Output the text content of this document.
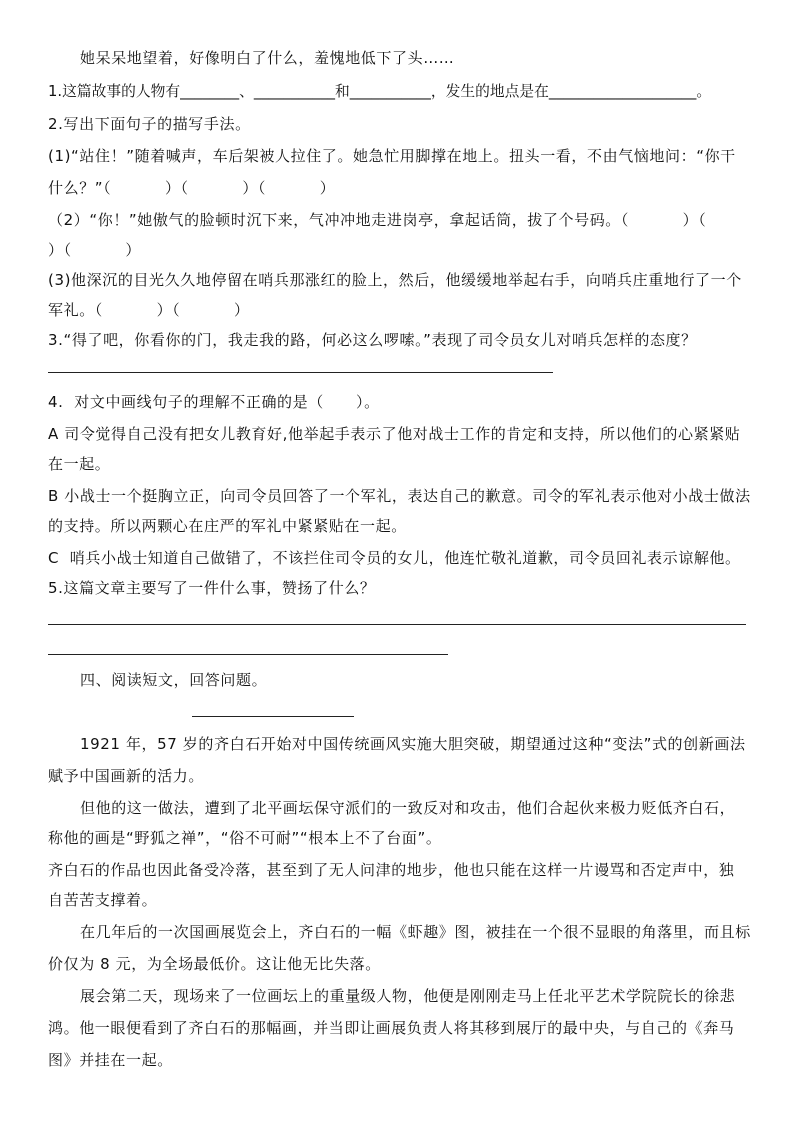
她呆呆地望着，好像明白了什么，羞愧地低下了头……
1.这篇故事的人物有________、___________和___________，发生的地点是在____________________。
2.写出下面句子的描写手法。
(1)“站住！”随着喊声，车后架被人拉住了。她急忙用脚撑在地上。扭头一看，不由气恼地问：“你干
什么？”（          ）（          ）（          ）
（2）“你！”她傲气的脸顿时沉下来，气冲冲地走进岗亭，拿起话筒，拔了个号码。（          ）（
）（          ）
(3)他深沉的目光久久地停留在哨兵那涨红的脸上，然后，他缓缓地举起右手，向哨兵庄重地行了一个
军礼。（          ）（          ）
3.“得了吧，你看你的门，我走我的路，何必这么啰嗦。”表现了司令员女儿对哨兵怎样的态度？
4.  对文中画线句子的理解不正确的是（      ）。
A 司令觉得自己没有把女儿教育好,他举起手表示了他对战士工作的肯定和支持，所以他们的心紧紧贴
在一起。
B 小战士一个挺胸立正，向司令员回答了一个军礼，表达自己的歉意。司令的军礼表示他对小战士做法
的支持。所以两颗心在庄严的军礼中紧紧贴在一起。
C  哨兵小战士知道自己做错了，不该拦住司令员的女儿，他连忙敬礼道歉，司令员回礼表示谅解他。
5.这篇文章主要写了一件什么事，赞扬了什么？
四、阅读短文，回答问题。
1921 年，57 岁的齐白石开始对中国传统画风实施大胆突破，期望通过这种“变法”式的创新画法
赋予中国画新的活力。
但他的这一做法，遭到了北平画坛保守派们的一致反对和攻击，他们合起伙来极力贬低齐白石，
称他的画是“野狐之禅”，“俗不可耐”“根本上不了台面”。
齐白石的作品也因此备受冷落，甚至到了无人问津的地步，他也只能在这样一片谩骂和否定声中，独
自苦苦支撑着。
在几年后的一次国画展览会上，齐白石的一幅《虾趣》图，被挂在一个很不显眼的角落里，而且标
价仅为 8 元，为全场最低价。这让他无比失落。
展会第二天，现场来了一位画坛上的重量级人物，他便是刚刚走马上任北平艺术学院院长的徐悲
鸿。他一眼便看到了齐白石的那幅画，并当即让画展负责人将其移到展厅的最中央，与自己的《奔马
图》并挂在一起。
